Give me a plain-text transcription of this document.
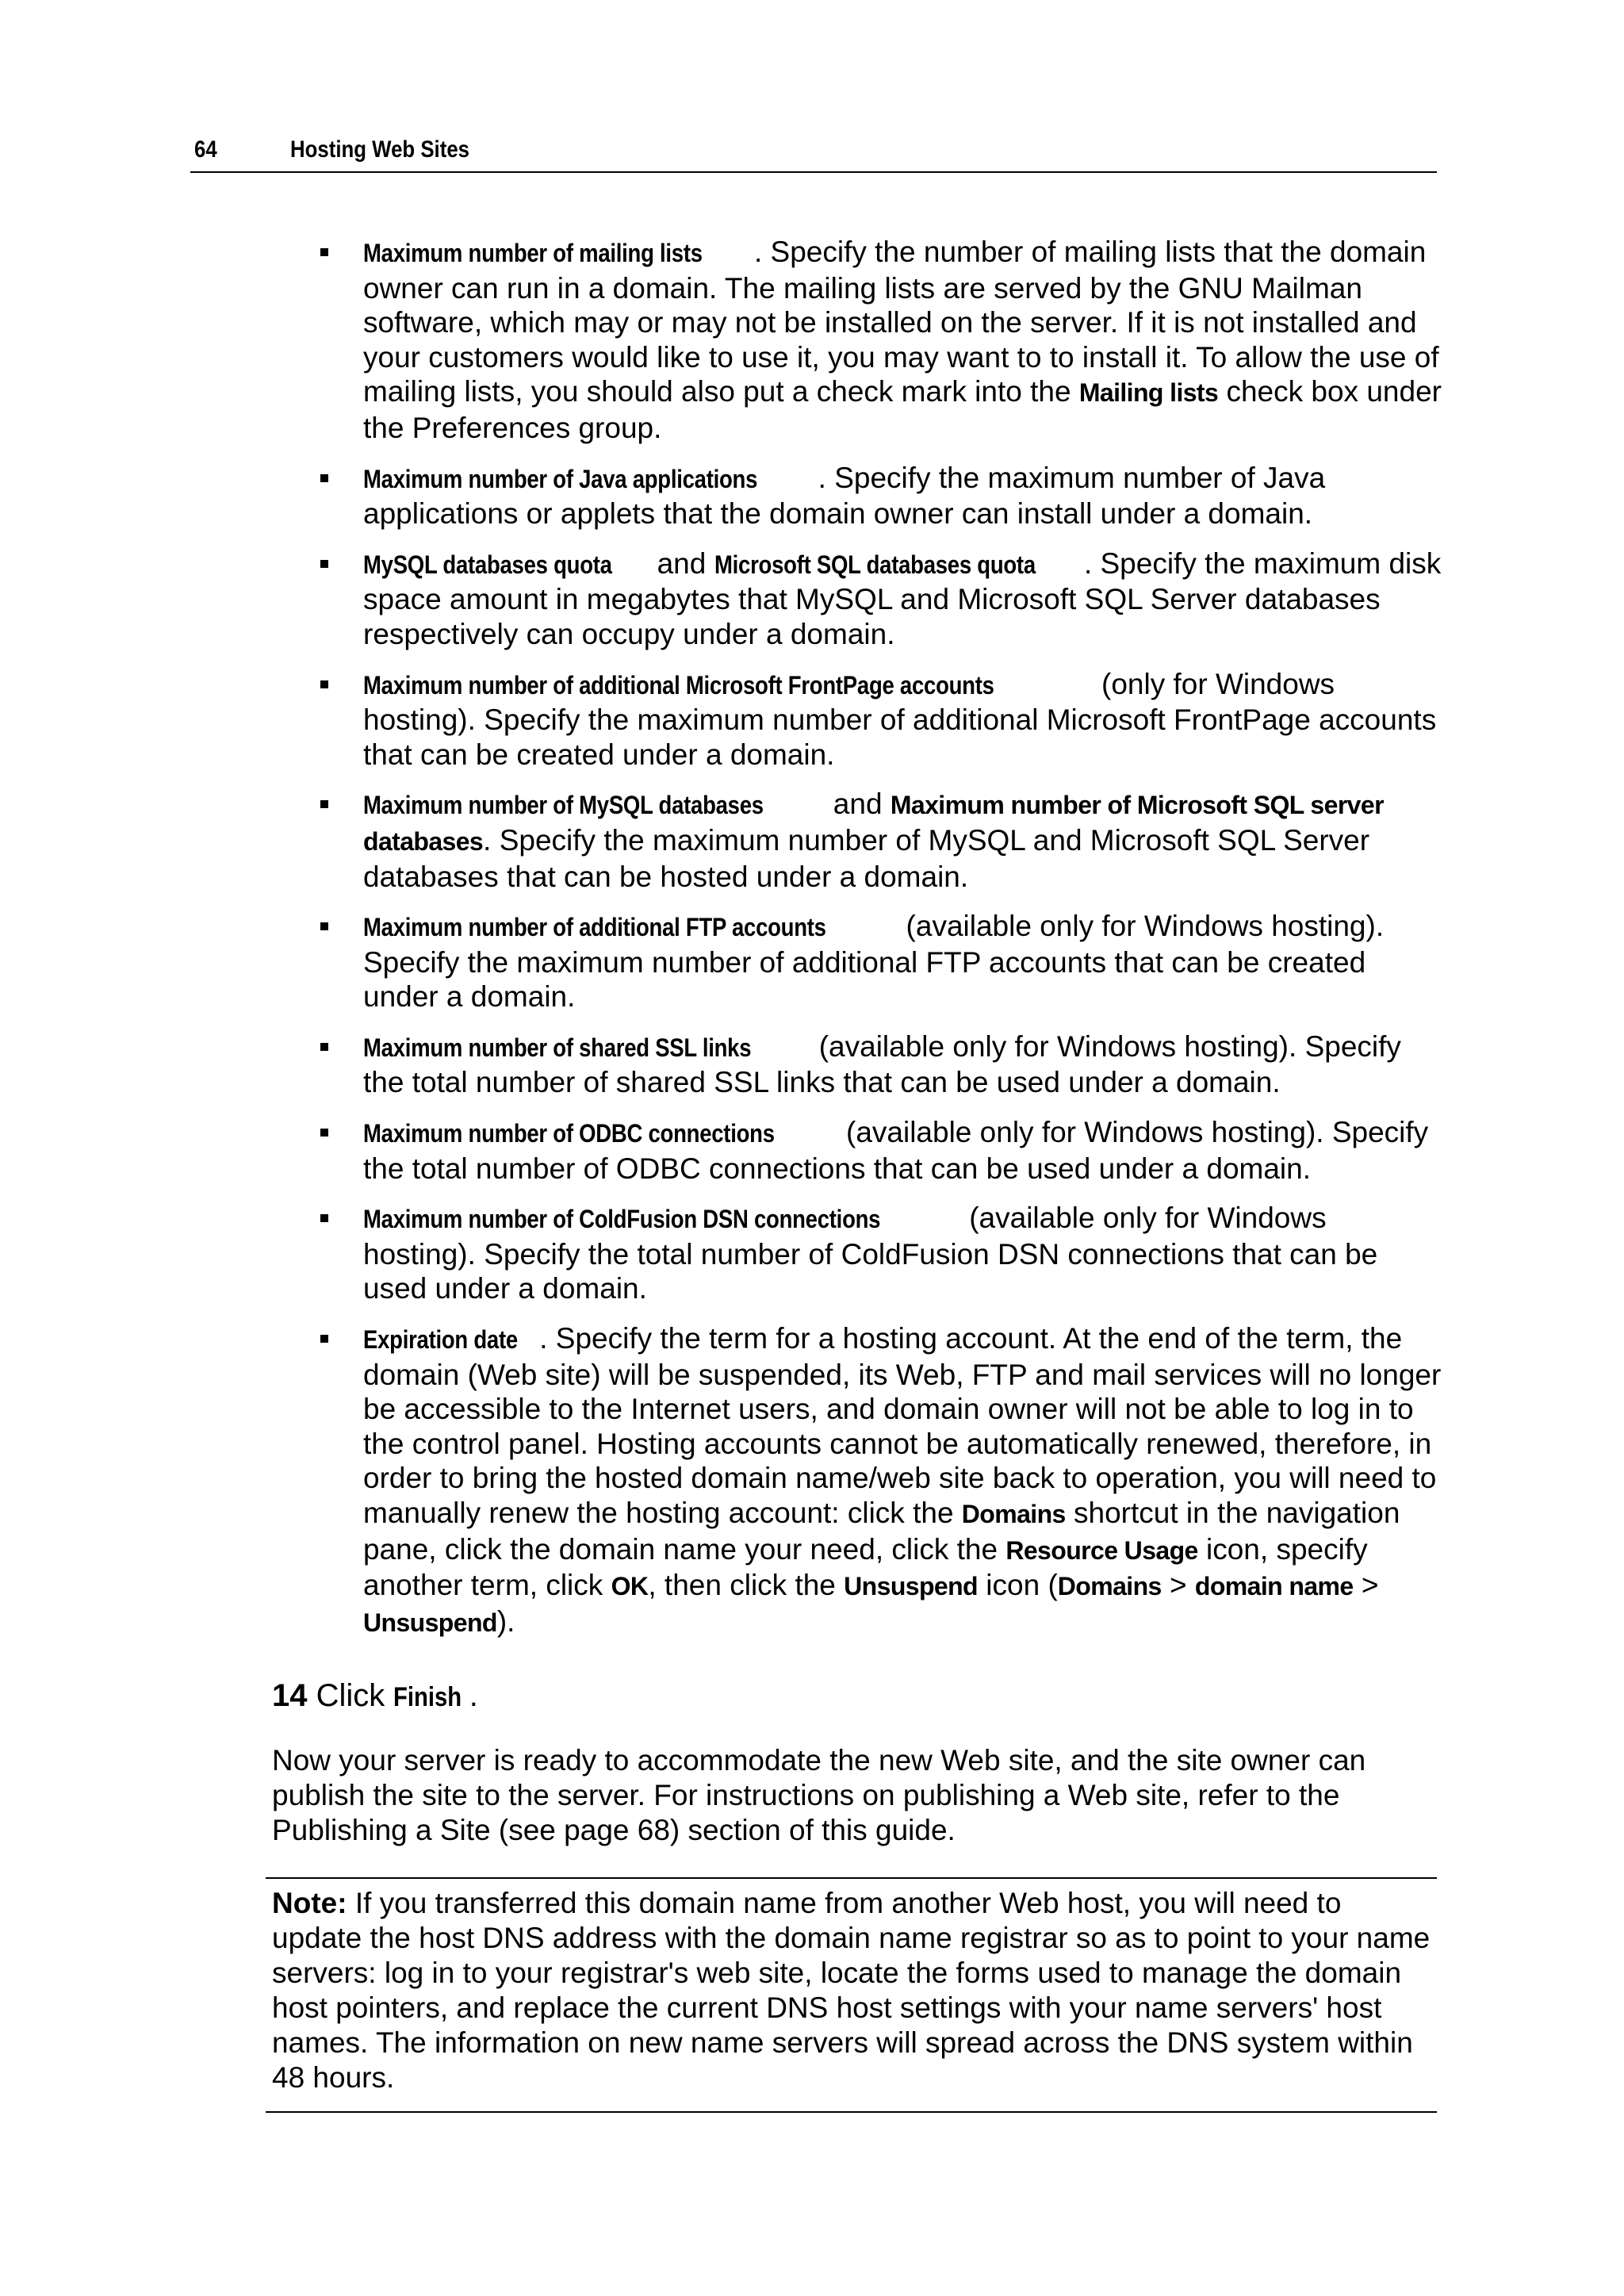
64	Hosting Web Sites
Maximum number of mailing lists . Specify the number of mailing lists that the domain owner can run in a domain. The mailing lists are served by the GNU Mailman software, which may or may not be installed on the server. If it is not installed and your customers would like to use it, you may want to to install it. To allow the use of mailing lists, you should also put a check mark into the Mailing lists check box under the Preferences group.
Maximum number of Java applications . Specify the maximum number of Java applications or applets that the domain owner can install under a domain.
MySQL databases quota and Microsoft SQL databases quota . Specify the maximum disk space amount in megabytes that MySQL and Microsoft SQL Server databases respectively can occupy under a domain.
Maximum number of additional Microsoft FrontPage accounts	(only for Windows hosting). Specify the maximum number of additional Microsoft FrontPage accounts that can be created under a domain.
Maximum number of MySQL databases and Maximum number of Microsoft SQL server databases. Specify the maximum number of MySQL and Microsoft SQL Server databases that can be hosted under a domain.
Maximum number of additional FTP accounts (available only for Windows hosting). Specify the maximum number of additional FTP accounts that can be created under a domain.
Maximum number of shared SSL links (available only for Windows hosting). Specify the total number of shared SSL links that can be used under a domain.
Maximum number of ODBC connections (available only for Windows hosting). Specify the total number of ODBC connections that can be used under a domain.
Maximum number of ColdFusion DSN connections	(available only for Windows hosting). Specify the total number of ColdFusion DSN connections that can be used under a domain.
Expiration date . Specify the term for a hosting account. At the end of the term, the domain (Web site) will be suspended, its Web, FTP and mail services will no longer be accessible to the Internet users, and domain owner will not be able to log in to the control panel. Hosting accounts cannot be automatically renewed, therefore, in order to bring the hosted domain name/web site back to operation, you will need to manually renew the hosting account: click the Domains shortcut in the navigation pane, click the domain name your need, click the Resource Usage icon, specify another term, click OK, then click the Unsuspend icon (Domains > domain name > Unsuspend).
14 Click Finish .

Now your server is ready to accommodate the new Web site, and the site owner can publish the site to the server. For instructions on publishing a Web site, refer to the Publishing a Site (see page 68) section of this guide.

Note: If you transferred this domain name from another Web host, you will need to update the host DNS address with the domain name registrar so as to point to your name servers: log in to your registrar's web site, locate the forms used to manage the domain host pointers, and replace the current DNS host settings with your name servers' host names. The information on new name servers will spread across the DNS system within 48 hours.
